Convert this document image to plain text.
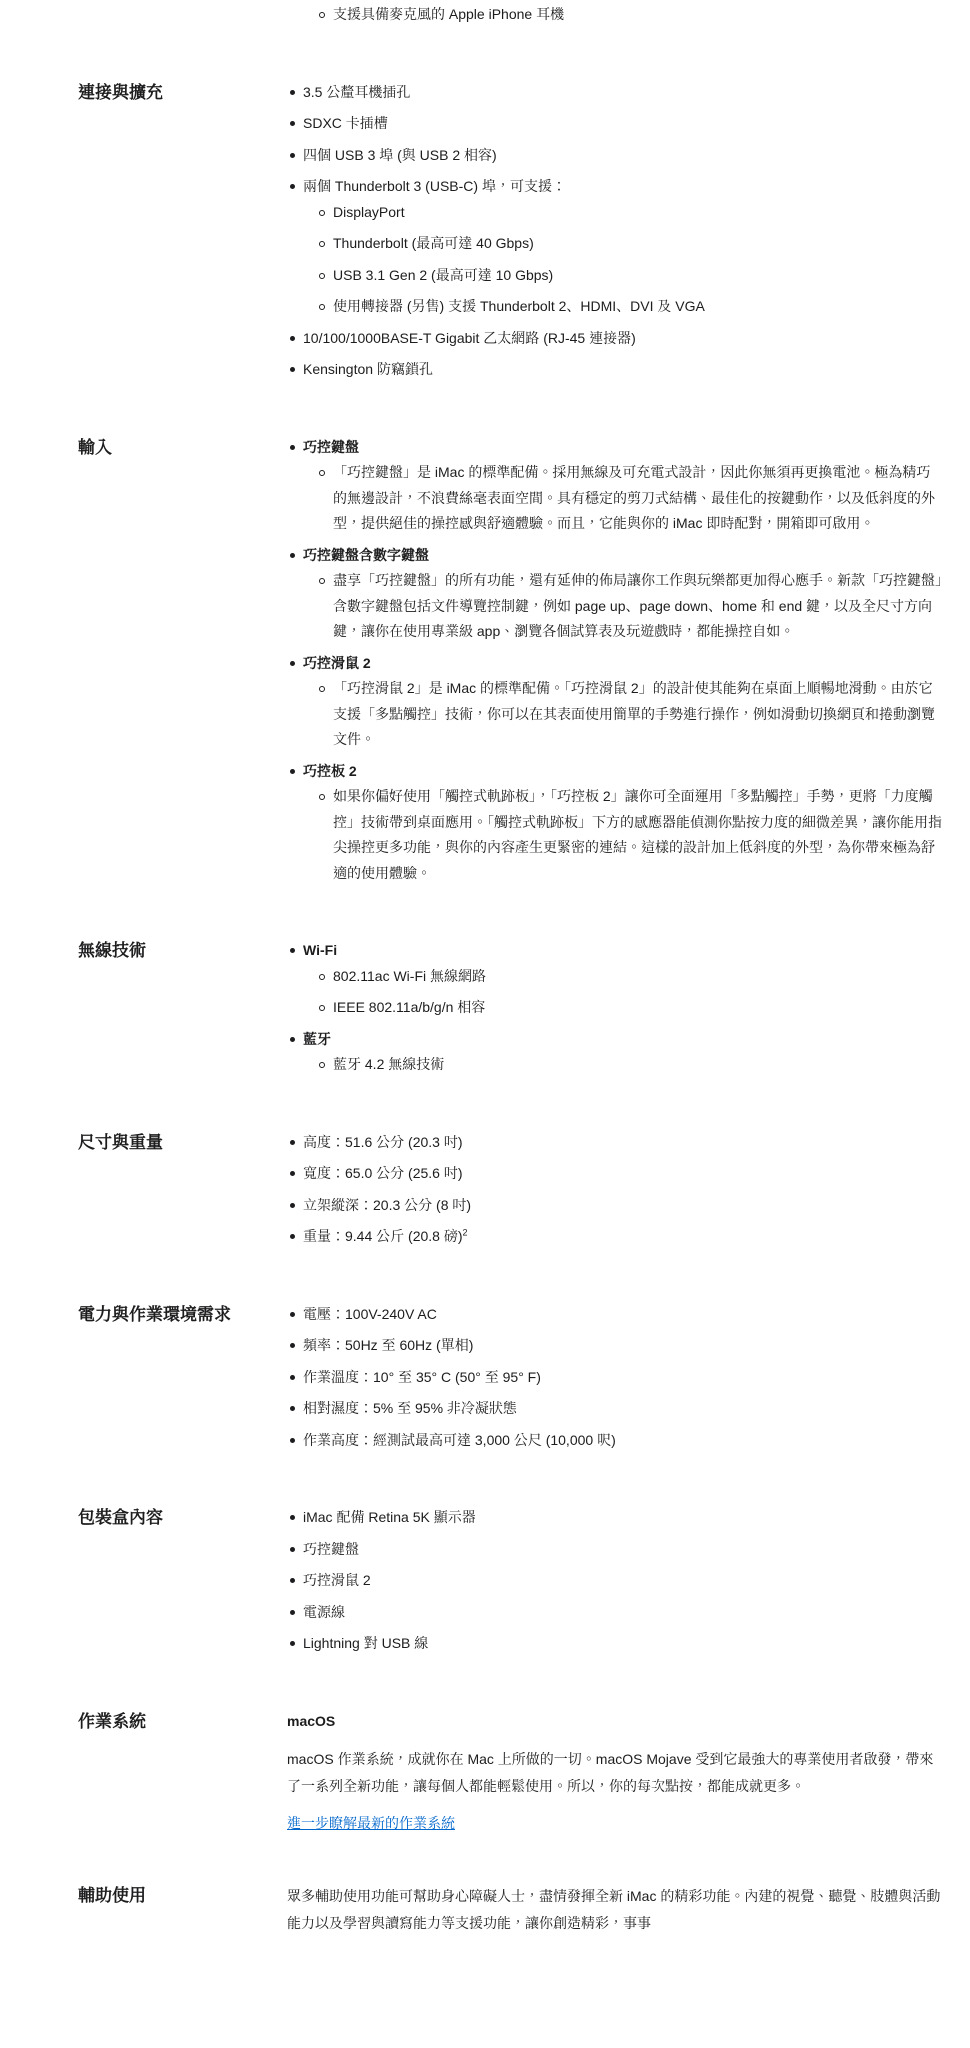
支援具備麥克風的 Apple iPhone 耳機
連接與擴充	3.5 公釐耳機插孔
SDXC 卡插槽
四個 USB 3 埠 (與 USB 2 相容)
兩個 Thunderbolt 3 (USB-C) 埠，可支援：
DisplayPort
Thunderbolt (最高可達 40 Gbps)
USB 3.1 Gen 2 (最高可達 10 Gbps)
使用轉接器 (另售) 支援 Thunderbolt 2、HDMI、DVI 及 VGA
10/100/1000BASE-T Gigabit 乙太網路 (RJ-45 連接器)
Kensington 防竊鎖孔
輸入	巧控鍵盤
「巧控鍵盤」是 iMac 的標準配備。採用無線及可充電式設計，因此你無須再更換電池。極為精巧的無邊設計，不浪費絲毫表面空間。具有穩定的剪刀式結構、最佳化的按鍵動作，以及低斜度的外型，提供絕佳的操控感與舒適體驗。而且，它能與你的 iMac 即時配對，開箱即可啟用。
巧控鍵盤含數字鍵盤
盡享「巧控鍵盤」的所有功能，還有延伸的佈局讓你工作與玩樂都更加得心應手。新款「巧控鍵盤」含數字鍵盤包括文件導覽控制鍵，例如 page up、page down、home 和 end 鍵，以及全尺寸方向鍵，讓你在使用專業級 app、瀏覽各個試算表及玩遊戲時，都能操控自如。
巧控滑鼠 2
「巧控滑鼠 2」是 iMac 的標準配備。「巧控滑鼠 2」的設計使其能夠在桌面上順暢地滑動。由於它支援「多點觸控」技術，你可以在其表面使用簡單的手勢進行操作，例如滑動切換網頁和捲動瀏覽文件。
巧控板 2
如果你偏好使用「觸控式軌跡板」，「巧控板 2」讓你可全面運用「多點觸控」手勢，更將「力度觸控」技術帶到桌面應用。「觸控式軌跡板」下方的感應器能偵測你點按力度的細微差異，讓你能用指尖操控更多功能，與你的內容產生更緊密的連結。這樣的設計加上低斜度的外型，為你帶來極為舒適的使用體驗。
無線技術	Wi-Fi
802.11ac Wi-Fi 無線網路
IEEE 802.11a/b/g/n 相容
藍牙
藍牙 4.2 無線技術
尺寸與重量	高度：51.6 公分 (20.3 吋)
寬度：65.0 公分 (25.6 吋)
立架縱深：20.3 公分 (8 吋)
重量：9.44 公斤 (20.8 磅)$^2$
電力與作業環境需求	電壓：100V-240V AC
頻率：50Hz 至 60Hz (單相)
作業溫度：10° 至 35° C (50° 至 95° F)
相對濕度：5% 至 95% 非冷凝狀態
作業高度：經測試最高可達 3,000 公尺 (10,000 呎)
包裝盒內容	iMac 配備 Retina 5K 顯示器
巧控鍵盤
巧控滑鼠 2
電源線
Lightning 對 USB 線
作業系統	macOS

macOS 作業系統，成就你在 Mac 上所做的一切。macOS Mojave 受到它最強大的專業使用者啟發，帶來了一系列全新功能，讓每個人都能輕鬆使用。所以，你的每次點按，都能成就更多。

進一步瞭解最新的作業系統
輔助使用	眾多輔助使用功能可幫助身心障礙人士，盡情發揮全新 iMac 的精彩功能。內建的視覺、聽覺、肢體與活動能力以及學習與讀寫能力等支援功能，讓你創造精彩，事事
